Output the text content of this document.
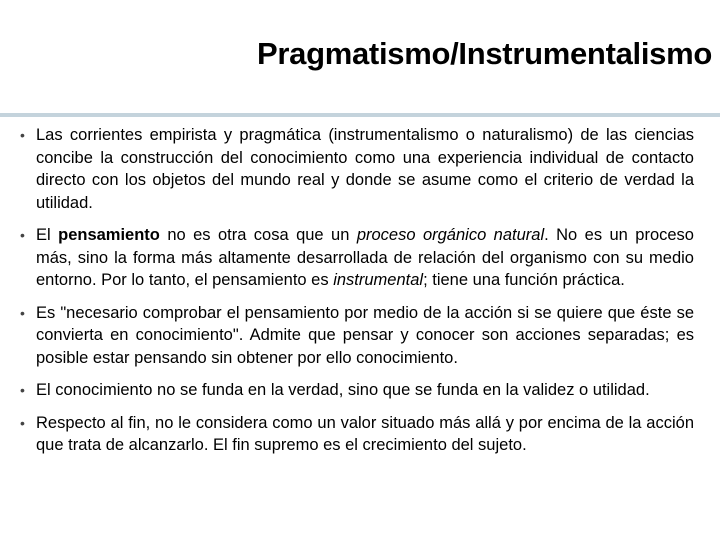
Pragmatismo/Instrumentalismo
• Las corrientes empirista y pragmática (instrumentalismo o naturalismo) de las ciencias concibe la construcción del conocimiento como una experiencia individual de contacto directo con los objetos del mundo real y donde se asume como el criterio de verdad la utilidad.
• El pensamiento no es otra cosa que un proceso orgánico natural. No es un proceso más, sino la forma más altamente desarrollada de relación del organismo con su medio entorno. Por lo tanto, el pensamiento es instrumental; tiene una función práctica.
• Es "necesario comprobar el pensamiento por medio de la acción si se quiere que éste se convierta en conocimiento". Admite que pensar y conocer son acciones separadas; es posible estar pensando sin obtener por ello conocimiento.
• El conocimiento no se funda en la verdad, sino que se funda en la validez o utilidad.
• Respecto al fin, no le considera como un valor situado más allá y por encima de la acción que trata de alcanzarlo. El fin supremo es el crecimiento del sujeto.
